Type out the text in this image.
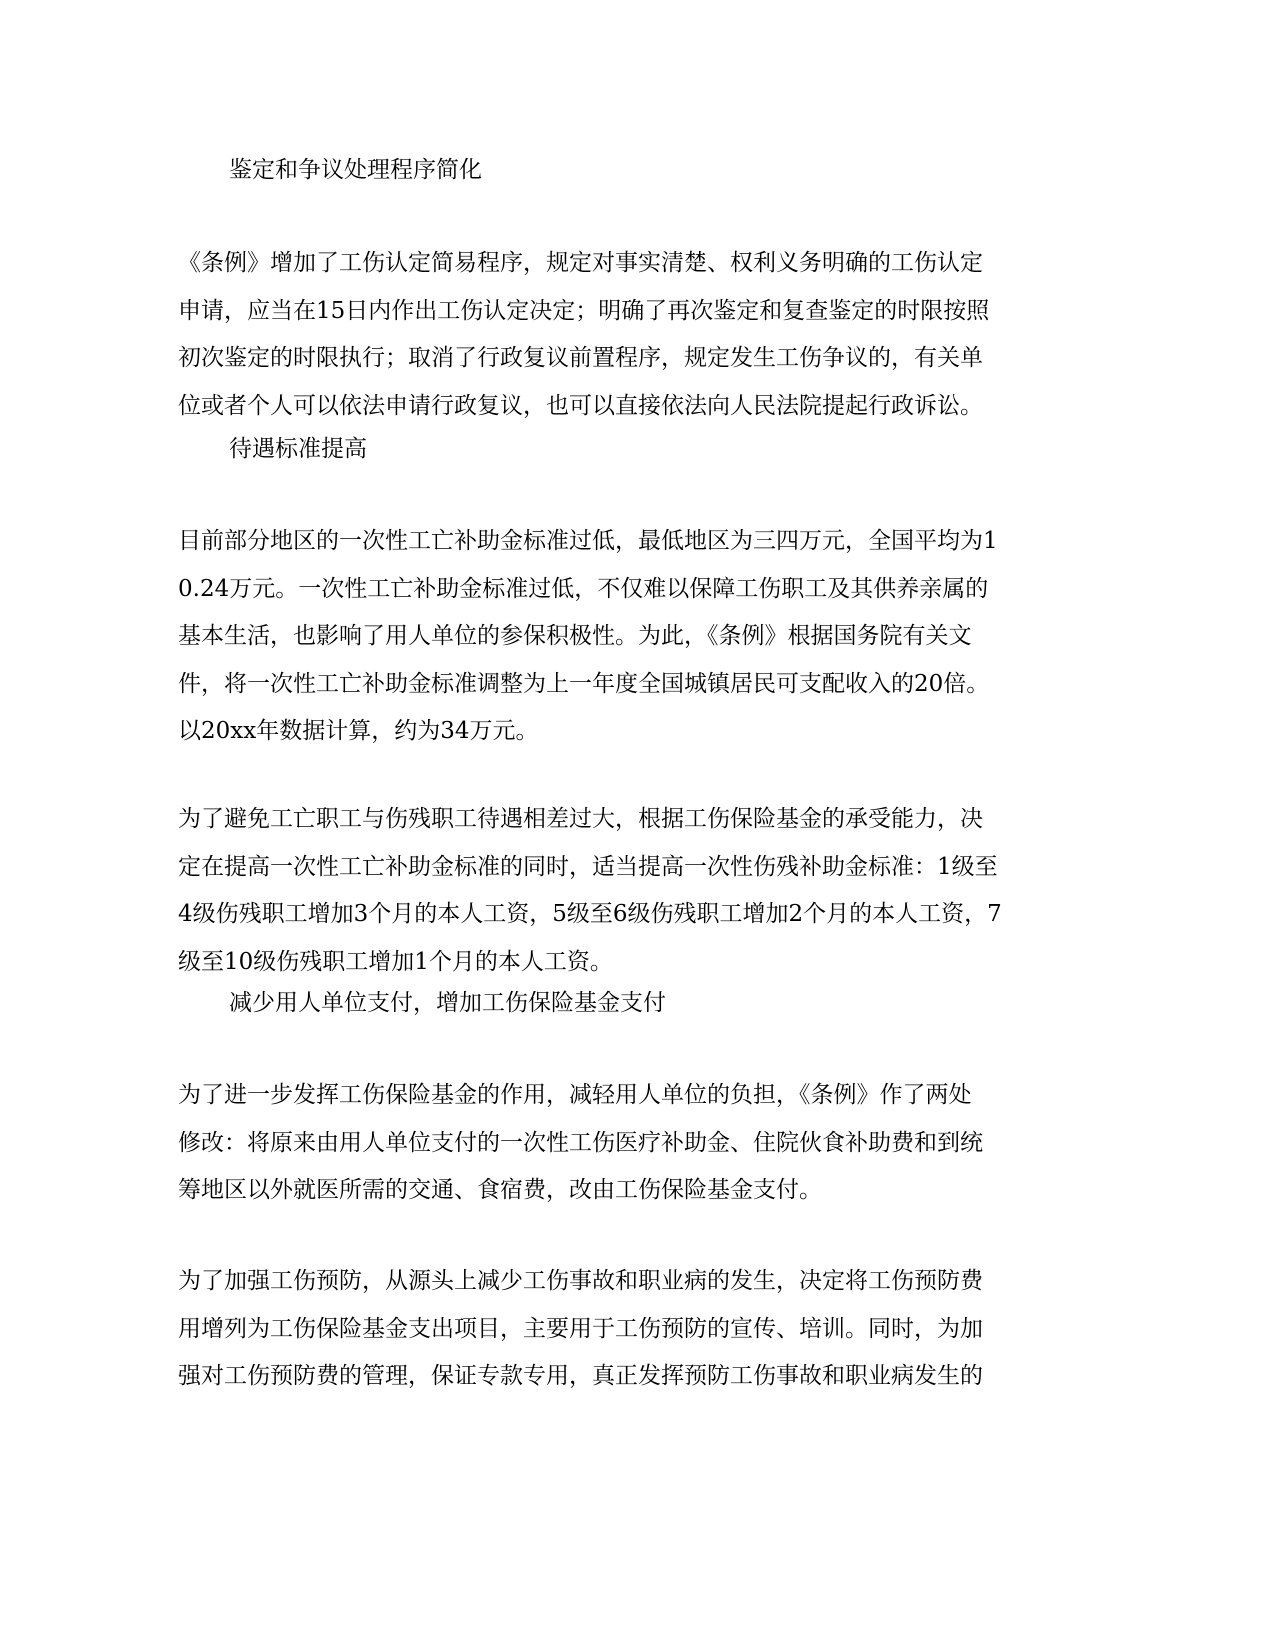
鉴定和争议处理程序简化
《条例》增加了工伤认定简易程序，规定对事实清楚、权利义务明确的工伤认定
申请，应当在15日内作出工伤认定决定；明确了再次鉴定和复查鉴定的时限按照
初次鉴定的时限执行；取消了行政复议前置程序，规定发生工伤争议的，有关单
位或者个人可以依法申请行政复议，也可以直接依法向人民法院提起行政诉讼。
待遇标准提高
目前部分地区的一次性工亡补助金标准过低，最低地区为三四万元，全国平均为1
0.24万元。一次性工亡补助金标准过低，不仅难以保障工伤职工及其供养亲属的
基本生活，也影响了用人单位的参保积极性。为此，《条例》根据国务院有关文
件，将一次性工亡补助金标准调整为上一年度全国城镇居民可支配收入的20倍。
以20xx年数据计算，约为34万元。
为了避免工亡职工与伤残职工待遇相差过大，根据工伤保险基金的承受能力，决
定在提高一次性工亡补助金标准的同时，适当提高一次性伤残补助金标准：1级至
4级伤残职工增加3个月的本人工资，5级至6级伤残职工增加2个月的本人工资，7
级至10级伤残职工增加1个月的本人工资。
减少用人单位支付，增加工伤保险基金支付
为了进一步发挥工伤保险基金的作用，减轻用人单位的负担，《条例》作了两处
修改：将原来由用人单位支付的一次性工伤医疗补助金、住院伙食补助费和到统
筹地区以外就医所需的交通、食宿费，改由工伤保险基金支付。
为了加强工伤预防，从源头上减少工伤事故和职业病的发生，决定将工伤预防费
用增列为工伤保险基金支出项目，主要用于工伤预防的宣传、培训。同时，为加
强对工伤预防费的管理，保证专款专用，真正发挥预防工伤事故和职业病发生的
